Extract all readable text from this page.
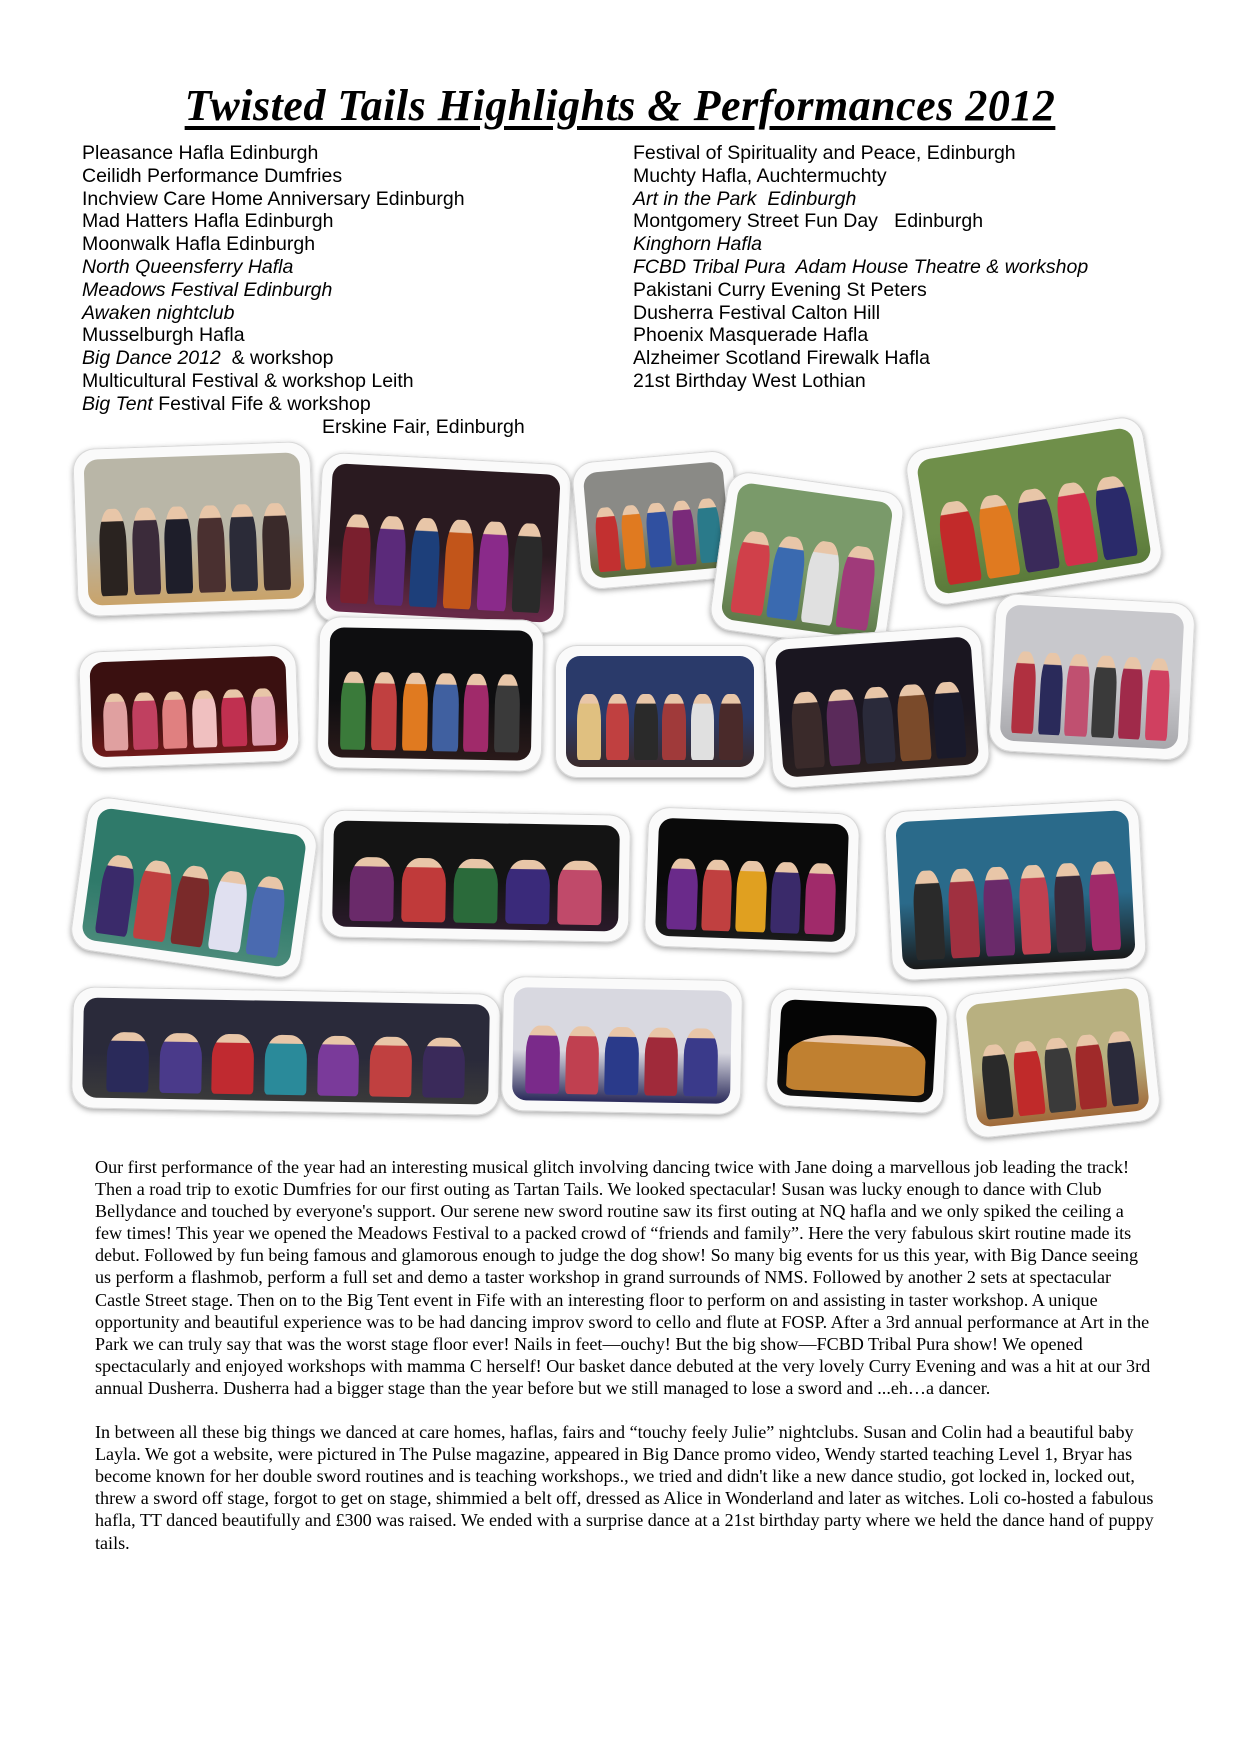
Twisted Tails Highlights & Performances 2012
Pleasance Hafla Edinburgh
Ceilidh Performance Dumfries
Inchview Care Home Anniversary Edinburgh
Mad Hatters Hafla Edinburgh
Moonwalk Hafla Edinburgh
North Queensferry Hafla
Meadows Festival Edinburgh
Awaken nightclub
Musselburgh Hafla
Big Dance 2012  & workshop
Multicultural Festival & workshop Leith
Big Tent Festival Fife & workshop
Erskine Fair, Edinburgh
Festival of Spirituality and Peace, Edinburgh
Muchty Hafla, Auchtermuchty
Art in the Park  Edinburgh
Montgomery Street Fun Day   Edinburgh
Kinghorn Hafla
FCBD Tribal Pura  Adam House Theatre & workshop
Pakistani Curry Evening St Peters
Dusherra Festival Calton Hill
Phoenix Masquerade Hafla
Alzheimer Scotland Firewalk Hafla
21st Birthday West Lothian

Our first performance of the year had an interesting musical glitch involving dancing twice with Jane doing a marvellous job leading the track! Then a road trip to exotic Dumfries for our first outing as Tartan Tails. We looked spectacular! Susan was lucky enough to dance with Club Bellydance and touched by everyone's support. Our serene new sword routine saw its first outing at NQ hafla and we only spiked the ceiling a few times! This year we opened the Meadows Festival to a packed crowd of “friends and family”. Here the very fabulous skirt routine made its debut. Followed by fun being famous and glamorous enough to judge the dog show! So many big events for us this year, with Big Dance seeing us perform a flashmob, perform a full set and demo a taster workshop in grand surrounds of NMS. Followed by another 2 sets at spectacular Castle Street stage. Then on to the Big Tent event in Fife with an interesting floor to perform on and assisting in taster workshop. A unique opportunity and beautiful experience was to be had dancing improv sword to cello and flute at FOSP. After a 3rd annual performance at Art in the Park we can truly say that was the worst stage floor ever! Nails in feet—ouchy! But the big show—FCBD Tribal Pura show! We opened spectacularly and enjoyed workshops with mamma C herself! Our basket dance debuted at the very lovely Curry Evening and was a hit at our 3rd annual Dusherra. Dusherra had a bigger stage than the year before but we still managed to lose a sword and ...eh…a dancer.

In between all these big things we danced at care homes, haflas, fairs and “touchy feely Julie” nightclubs. Susan and Colin had a beautiful baby Layla. We got a website, were pictured in The Pulse magazine, appeared in Big Dance promo video, Wendy started teaching Level 1, Bryar has become known for her double sword routines and is teaching workshops., we tried and didn't like a new dance studio, got locked in, locked out, threw a sword off stage, forgot to get on stage, shimmied a belt off, dressed as Alice in Wonderland and later as witches. Loli co-hosted a fabulous hafla, TT danced beautifully and £300 was raised. We ended with a surprise dance at a 21st birthday party where we held the dance hand of puppy tails.
